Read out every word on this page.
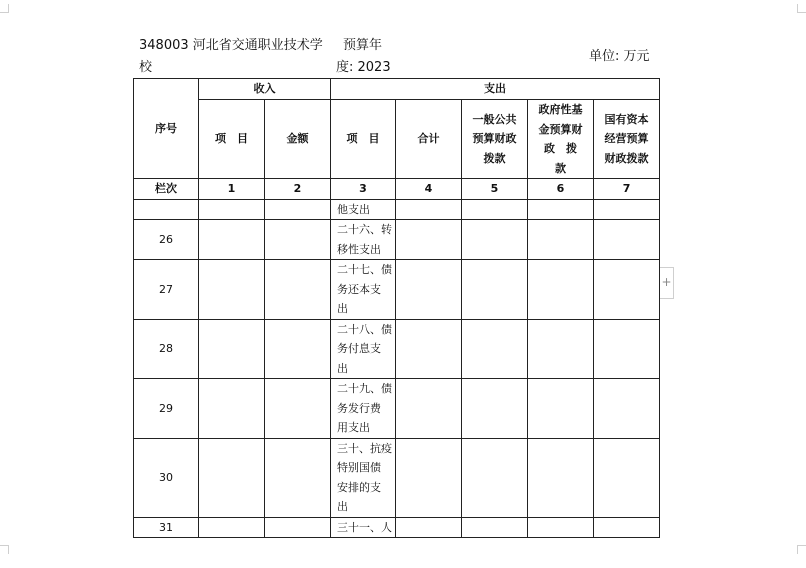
348003 河北省交通职业技术学
校
预算年
度: 2023
单位: 万元
+
序号	收入		支出				
	项　目	金额	项　目	合计	一般公共
预算财政
拨款	政府性基
金预算财
政　拨
款	国有资本
经营预算
财政拨款

栏次	1	2	3	4	5	6	7

			他支出				

26			二十六、转
移性支出				

27			二十七、债
务还本支
出				

28			二十八、债
务付息支
出				

29			二十九、债
务发行费
用支出				

30			三十、抗疫
特别国债
安排的支
出				

31			三十一、人				
